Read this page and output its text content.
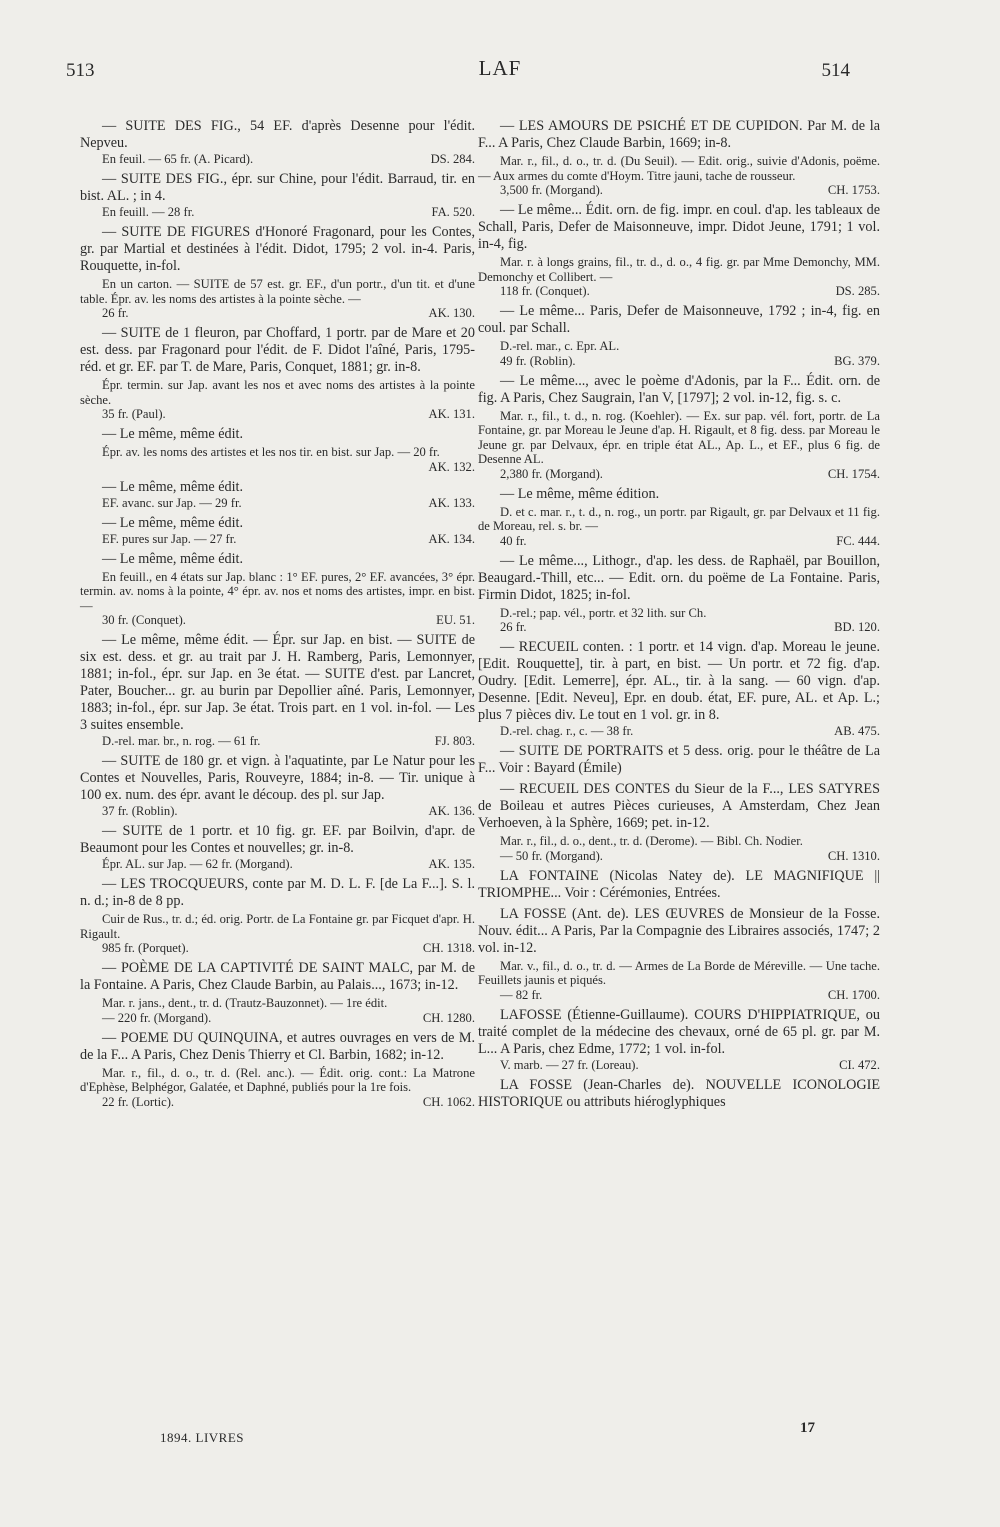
513	LAF	514

— SUITE DES FIG., 54 EF. d'après Desenne pour l'édit. Nepveu.

En feuil. — 65 fr. (A. Picard).	DS. 284.

— SUITE DES FIG., épr. sur Chine, pour l'édit. Barraud, tir. en bist. AL. ; in 4.

En feuill. — 28 fr.	FA. 520.

— SUITE DE FIGURES d'Honoré Fragonard, pour les Contes, gr. par Martial et destinées à l'édit. Didot, 1795; 2 vol. in-4. Paris, Rouquette, in-fol.

En un carton. — SUITE de 57 est. gr. EF., d'un portr., d'un tit. et d'une table. Épr. av. les noms des artistes à la pointe sèche. —

26 fr.	AK. 130.

— SUITE de 1 fleuron, par Choffard, 1 portr. par de Mare et 20 est. dess. par Fragonard pour l'édit. de F. Didot l'aîné, Paris, 1795-réd. et gr. EF. par T. de Mare, Paris, Conquet, 1881; gr. in-8.

Épr. termin. sur Jap. avant les nos et avec noms des artistes à la pointe sèche.

35 fr. (Paul).	AK. 131.

— Le même, même édit.

Épr. av. les noms des artistes et les nos tir. en bist. sur Jap. — 20 fr.

AK. 132.

— Le même, même édit.

EF. avanc. sur Jap. — 29 fr.	AK. 133.

— Le même, même édit.

EF. pures sur Jap. — 27 fr.	AK. 134.

— Le même, même édit.

En feuill., en 4 états sur Jap. blanc : 1° EF. pures, 2° EF. avancées, 3° épr. termin. av. noms à la pointe, 4° épr. av. nos et noms des artistes, impr. en bist. —

30 fr. (Conquet).	EU. 51.

— Le même, même édit. — Épr. sur Jap. en bist. — SUITE de six est. dess. et gr. au trait par J. H. Ramberg, Paris, Lemonnyer, 1881; in-fol., épr. sur Jap. en 3e état. — SUITE d'est. par Lancret, Pater, Boucher... gr. au burin par Depollier aîné. Paris, Lemonnyer, 1883; in-fol., épr. sur Jap. 3e état. Trois part. en 1 vol. in-fol. — Les 3 suites ensemble.

D.-rel. mar. br., n. rog. — 61 fr.	FJ. 803.

— SUITE de 180 gr. et vign. à l'aquatinte, par Le Natur pour les Contes et Nouvelles, Paris, Rouveyre, 1884; in-8. — Tir. unique à 100 ex. num. des épr. avant le découp. des pl. sur Jap.

37 fr. (Roblin).	AK. 136.

— SUITE de 1 portr. et 10 fig. gr. EF. par Boilvin, d'apr. de Beaumont pour les Contes et nouvelles; gr. in-8.

Épr. AL. sur Jap. — 62 fr. (Morgand).	AK. 135.

— LES TROCQUEURS, conte par M. D. L. F. [de La F...]. S. l. n. d.; in-8 de 8 pp.

Cuir de Rus., tr. d.; éd. orig. Portr. de La Fontaine gr. par Ficquet d'apr. H. Rigault.

985 fr. (Porquet).	CH. 1318.

— POÈME DE LA CAPTIVITÉ DE SAINT MALC, par M. de la Fontaine. A Paris, Chez Claude Barbin, au Palais..., 1673; in-12.

Mar. r. jans., dent., tr. d. (Trautz-Bauzonnet). — 1re édit.

— 220 fr. (Morgand).	CH. 1280.

— POEME DU QUINQUINA, et autres ouvrages en vers de M. de la F... A Paris, Chez Denis Thierry et Cl. Barbin, 1682; in-12.

Mar. r., fil., d. o., tr. d. (Rel. anc.). — Édit. orig. cont.: La Matrone d'Ephèse, Belphégor, Galatée, et Daphné, publiés pour la 1re fois.

22 fr. (Lortic).	CH. 1062.

— LES AMOURS DE PSICHÉ ET DE CUPIDON. Par M. de la F... A Paris, Chez Claude Barbin, 1669; in-8.

Mar. r., fil., d. o., tr. d. (Du Seuil). — Edit. orig., suivie d'Adonis, poëme. — Aux armes du comte d'Hoym. Titre jauni, tache de rousseur.

3,500 fr. (Morgand).	CH. 1753.

— Le même... Édit. orn. de fig. impr. en coul. d'ap. les tableaux de Schall, Paris, Defer de Maisonneuve, impr. Didot Jeune, 1791; 1 vol. in-4, fig.

Mar. r. à longs grains, fil., tr. d., d. o., 4 fig. gr. par Mme Demonchy, MM. Demonchy et Collibert. —

118 fr. (Conquet).	DS. 285.

— Le même... Paris, Defer de Maisonneuve, 1792 ; in-4, fig. en coul. par Schall.

D.-rel. mar., c. Epr. AL.

49 fr. (Roblin).	BG. 379.

— Le même..., avec le poème d'Adonis, par la F... Édit. orn. de fig. A Paris, Chez Saugrain, l'an V, [1797]; 2 vol. in-12, fig. s. c.

Mar. r., fil., t. d., n. rog. (Koehler). — Ex. sur pap. vél. fort, portr. de La Fontaine, gr. par Moreau le Jeune d'ap. H. Rigault, et 8 fig. dess. par Moreau le Jeune gr. par Delvaux, épr. en triple état AL., Ap. L., et EF., plus 6 fig. de Desenne AL.

2,380 fr. (Morgand).	CH. 1754.

— Le même, même édition.

D. et c. mar. r., t. d., n. rog., un portr. par Rigault, gr. par Delvaux et 11 fig. de Moreau, rel. s. br. —

40 fr.	FC. 444.

— Le même..., Lithogr., d'ap. les dess. de Raphaël, par Bouillon, Beaugard.-Thill, etc... — Edit. orn. du poëme de La Fontaine. Paris, Firmin Didot, 1825; in-fol.

D.-rel.; pap. vél., portr. et 32 lith. sur Ch.

26 fr.	BD. 120.

— RECUEIL conten. : 1 portr. et 14 vign. d'ap. Moreau le jeune. [Edit. Rouquette], tir. à part, en bist. — Un portr. et 72 fig. d'ap. Oudry. [Edit. Lemerre], épr. AL., tir. à la sang. — 60 vign. d'ap. Desenne. [Edit. Neveu], Epr. en doub. état, EF. pure, AL. et Ap. L.; plus 7 pièces div. Le tout en 1 vol. gr. in 8.

D.-rel. chag. r., c. — 38 fr.	AB. 475.

— SUITE DE PORTRAITS et 5 dess. orig. pour le théâtre de La F... Voir : Bayard (Émile)

— RECUEIL DES CONTES du Sieur de la F..., LES SATYRES de Boileau et autres Pièces curieuses, A Amsterdam, Chez Jean Verhoeven, à la Sphère, 1669; pet. in-12.

Mar. r., fil., d. o., dent., tr. d. (Derome). — Bibl. Ch. Nodier.

— 50 fr. (Morgand).	CH. 1310.

LA FONTAINE (Nicolas Natey de). LE MAGNIFIQUE || TRIOMPHE... Voir : Cérémonies, Entrées.

LA FOSSE (Ant. de). LES ŒUVRES de Monsieur de la Fosse. Nouv. édit... A Paris, Par la Compagnie des Libraires associés, 1747; 2 vol. in-12.

Mar. v., fil., d. o., tr. d. — Armes de La Borde de Méreville. — Une tache. Feuillets jaunis et piqués.

— 82 fr.	CH. 1700.

LAFOSSE (Étienne-Guillaume). COURS D'HIPPIATRIQUE, ou traité complet de la médecine des chevaux, orné de 65 pl. gr. par M. L... A Paris, chez Edme, 1772; 1 vol. in-fol.

V. marb. — 27 fr. (Loreau).	CI. 472.

LA FOSSE (Jean-Charles de). NOUVELLE ICONOLOGIE HISTORIQUE ou attributs hiéroglyphiques

1894. LIVRES
17
